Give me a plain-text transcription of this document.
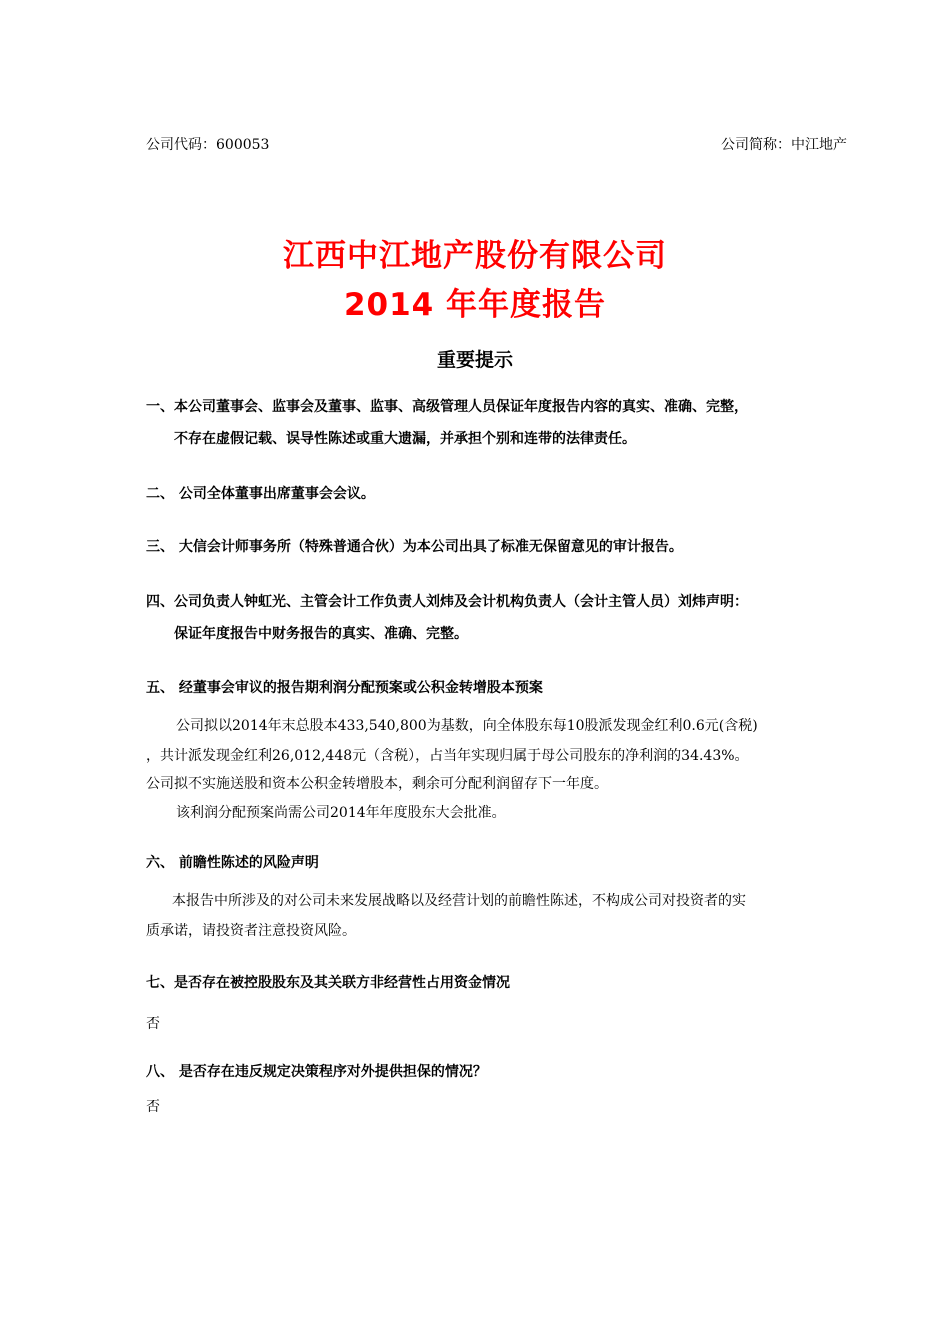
公司代码：600053	公司简称：中江地产
江西中江地产股份有限公司
2014 年年度报告
重要提示
一、本公司董事会、监事会及董事、监事、高级管理人员保证年度报告内容的真实、准确、完整，
不存在虚假记载、误导性陈述或重大遗漏，并承担个别和连带的法律责任。
二、 公司全体董事出席董事会会议。
三、 大信会计师事务所（特殊普通合伙）为本公司出具了标准无保留意见的审计报告。
四、公司负责人钟虹光、主管会计工作负责人刘炜及会计机构负责人（会计主管人员）刘炜声明：
保证年度报告中财务报告的真实、准确、完整。
五、 经董事会审议的报告期利润分配预案或公积金转增股本预案
公司拟以2014年末总股本433,540,800为基数，向全体股东每10股派发现金红利0.6元(含税)
，共计派发现金红利26,012,448元（含税），占当年实现归属于母公司股东的净利润的34.43%。
公司拟不实施送股和资本公积金转增股本，剩余可分配利润留存下一年度。
该利润分配预案尚需公司2014年年度股东大会批准。
六、 前瞻性陈述的风险声明
本报告中所涉及的对公司未来发展战略以及经营计划的前瞻性陈述，不构成公司对投资者的实
质承诺，请投资者注意投资风险。
七、是否存在被控股股东及其关联方非经营性占用资金情况
否
八、 是否存在违反规定决策程序对外提供担保的情况？
否
